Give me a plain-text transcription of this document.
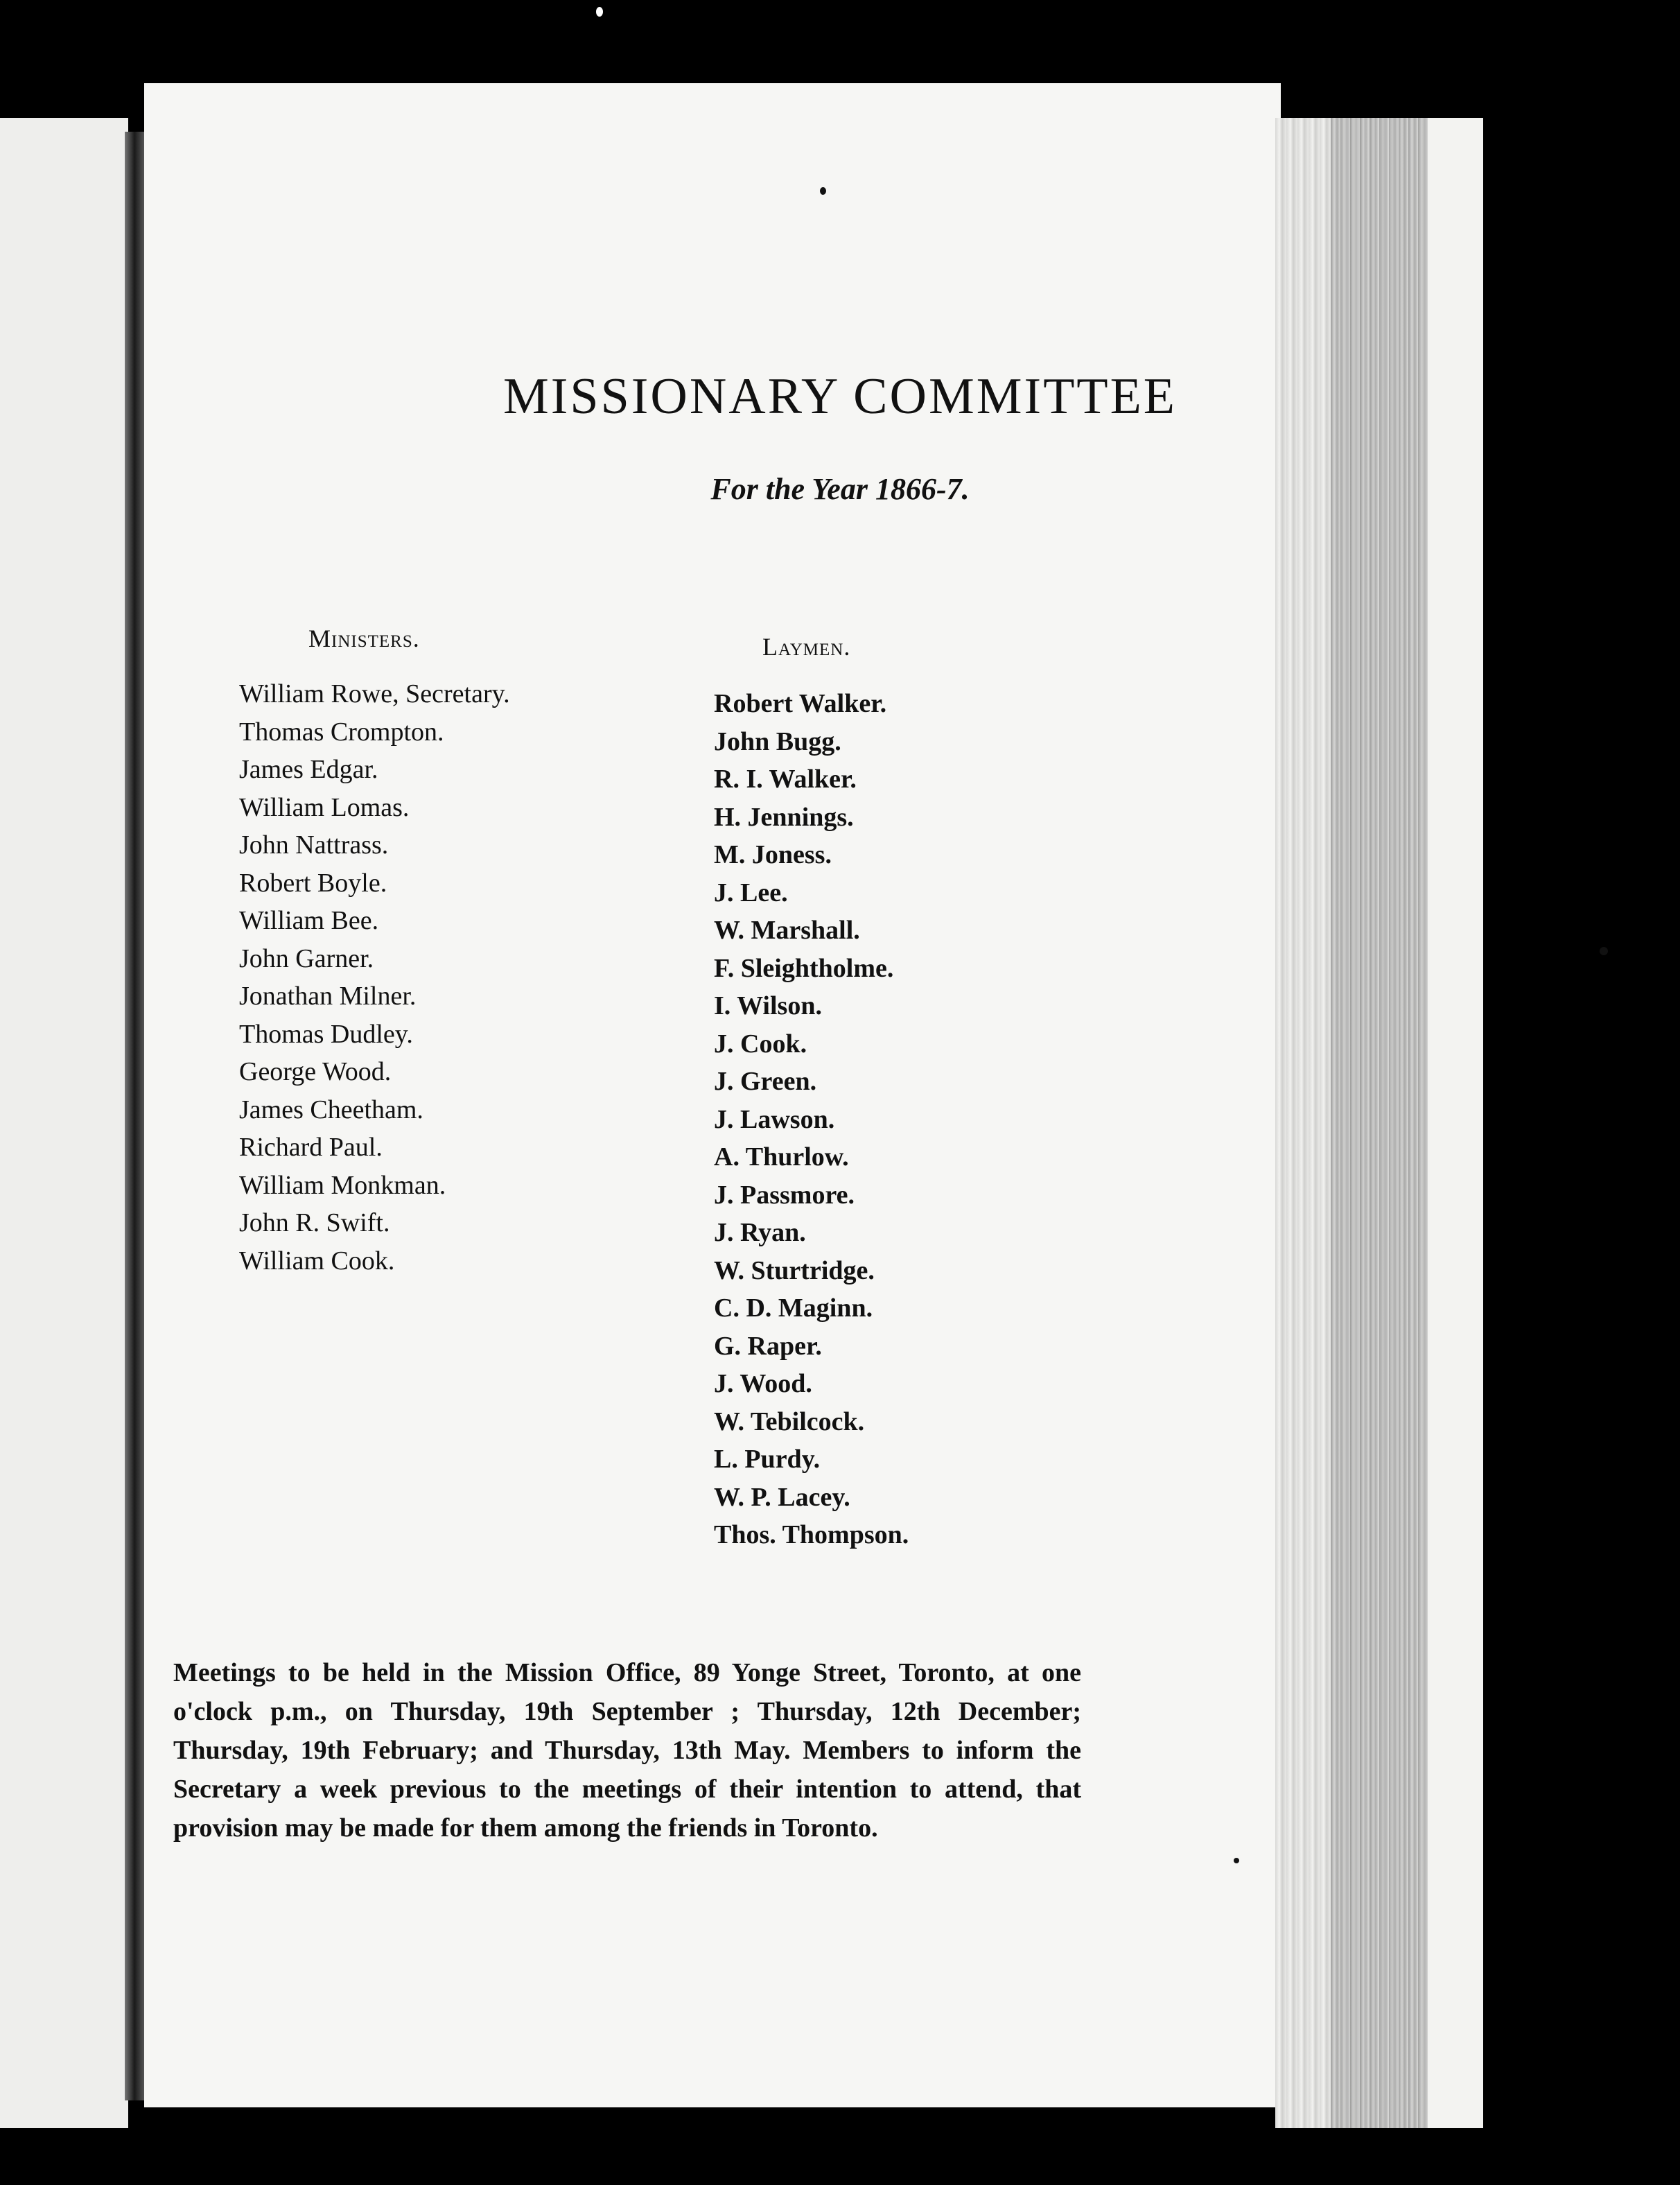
MISSIONARY COMMITTEE
For the Year 1866-7.
Ministers.	Laymen.
William Rowe, Secretary.
Thomas Crompton.
James Edgar.
William Lomas.
John Nattrass.
Robert Boyle.
William Bee.
John Garner.
Jonathan Milner.
Thomas Dudley.
George Wood.
James Cheetham.
Richard Paul.
William Monkman.
John R. Swift.
William Cook.
Robert Walker.
John Bugg.
R. I. Walker.
H. Jennings.
M. Joness.
J. Lee.
W. Marshall.
F. Sleightholme.
I. Wilson.
J. Cook.
J. Green.
J. Lawson.
A. Thurlow.
J. Passmore.
J. Ryan.
W. Sturtridge.
C. D. Maginn.
G. Raper.
J. Wood.
W. Tebilcock.
L. Purdy.
W. P. Lacey.
Thos. Thompson.

Meetings to be held in the Mission Office, 89 Yonge Street, Toronto, at one o'clock p.m., on Thursday, 19th September ; Thursday, 12th December; Thursday, 19th February; and Thursday, 13th May. Members to inform the Secretary a week previous to the meetings of their intention to attend, that provision may be made for them among the friends in Toronto.
